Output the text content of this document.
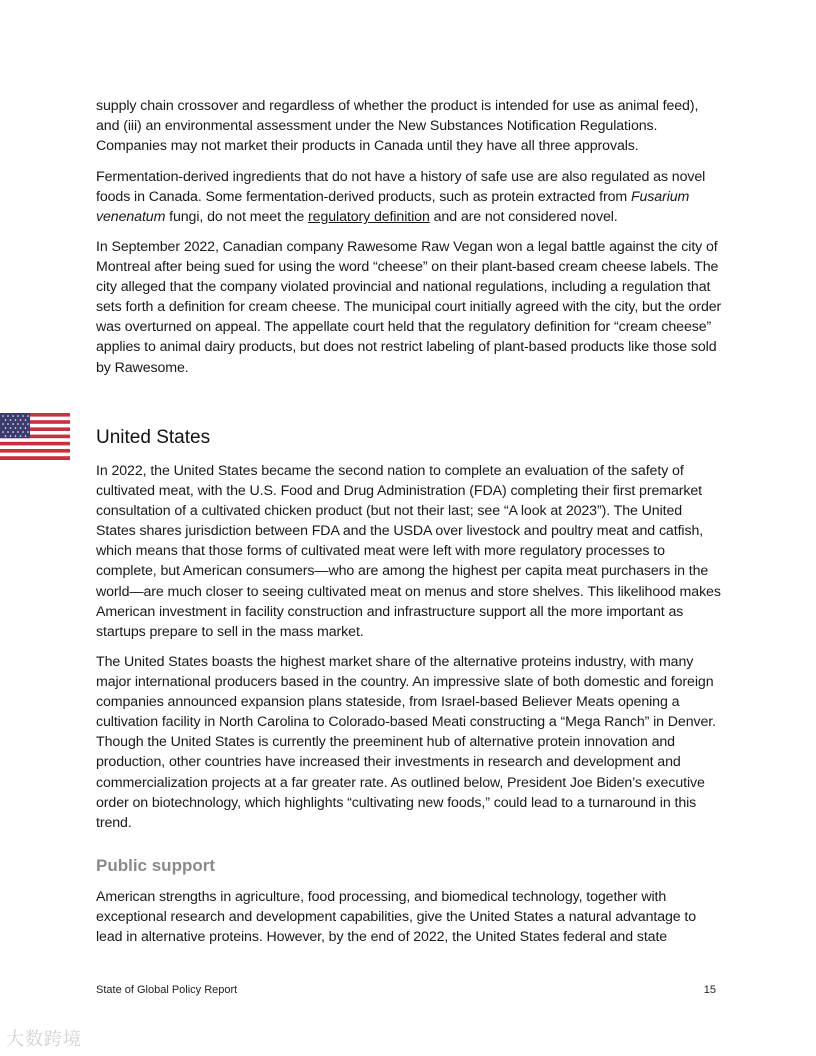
supply chain crossover and regardless of whether the product is intended for use as animal feed), and (iii) an environmental assessment under the New Substances Notification Regulations. Companies may not market their products in Canada until they have all three approvals.

Fermentation-derived ingredients that do not have a history of safe use are also regulated as novel foods in Canada. Some fermentation-derived products, such as protein extracted from Fusarium venenatum fungi, do not meet the regulatory definition and are not considered novel.

In September 2022, Canadian company Rawesome Raw Vegan won a legal battle against the city of Montreal after being sued for using the word “cheese” on their plant-based cream cheese labels. The city alleged that the company violated provincial and national regulations, including a regulation that sets forth a definition for cream cheese. The municipal court initially agreed with the city, but the order was overturned on appeal. The appellate court held that the regulatory definition for “cream cheese” applies to animal dairy products, but does not restrict labeling of plant-based products like those sold by Rawesome.

United States

In 2022, the United States became the second nation to complete an evaluation of the safety of cultivated meat, with the U.S. Food and Drug Administration (FDA) completing their first premarket consultation of a cultivated chicken product (but not their last; see “A look at 2023”). The United States shares jurisdiction between FDA and the USDA over livestock and poultry meat and catfish, which means that those forms of cultivated meat were left with more regulatory processes to complete, but American consumers—who are among the highest per capita meat purchasers in the world—are much closer to seeing cultivated meat on menus and store shelves. This likelihood makes American investment in facility construction and infrastructure support all the more important as startups prepare to sell in the mass market.

The United States boasts the highest market share of the alternative proteins industry, with many major international producers based in the country. An impressive slate of both domestic and foreign companies announced expansion plans stateside, from Israel-based Believer Meats opening a cultivation facility in North Carolina to Colorado-based Meati constructing a “Mega Ranch” in Denver. Though the United States is currently the preeminent hub of alternative protein innovation and production, other countries have increased their investments in research and development and commercialization projects at a far greater rate. As outlined below, President Joe Biden’s executive order on biotechnology, which highlights “cultivating new foods,” could lead to a turnaround in this trend.

Public support

American strengths in agriculture, food processing, and biomedical technology, together with exceptional research and development capabilities, give the United States a natural advantage to lead in alternative proteins. However, by the end of 2022, the United States federal and state

State of Global Policy Report	15
大数跨境
